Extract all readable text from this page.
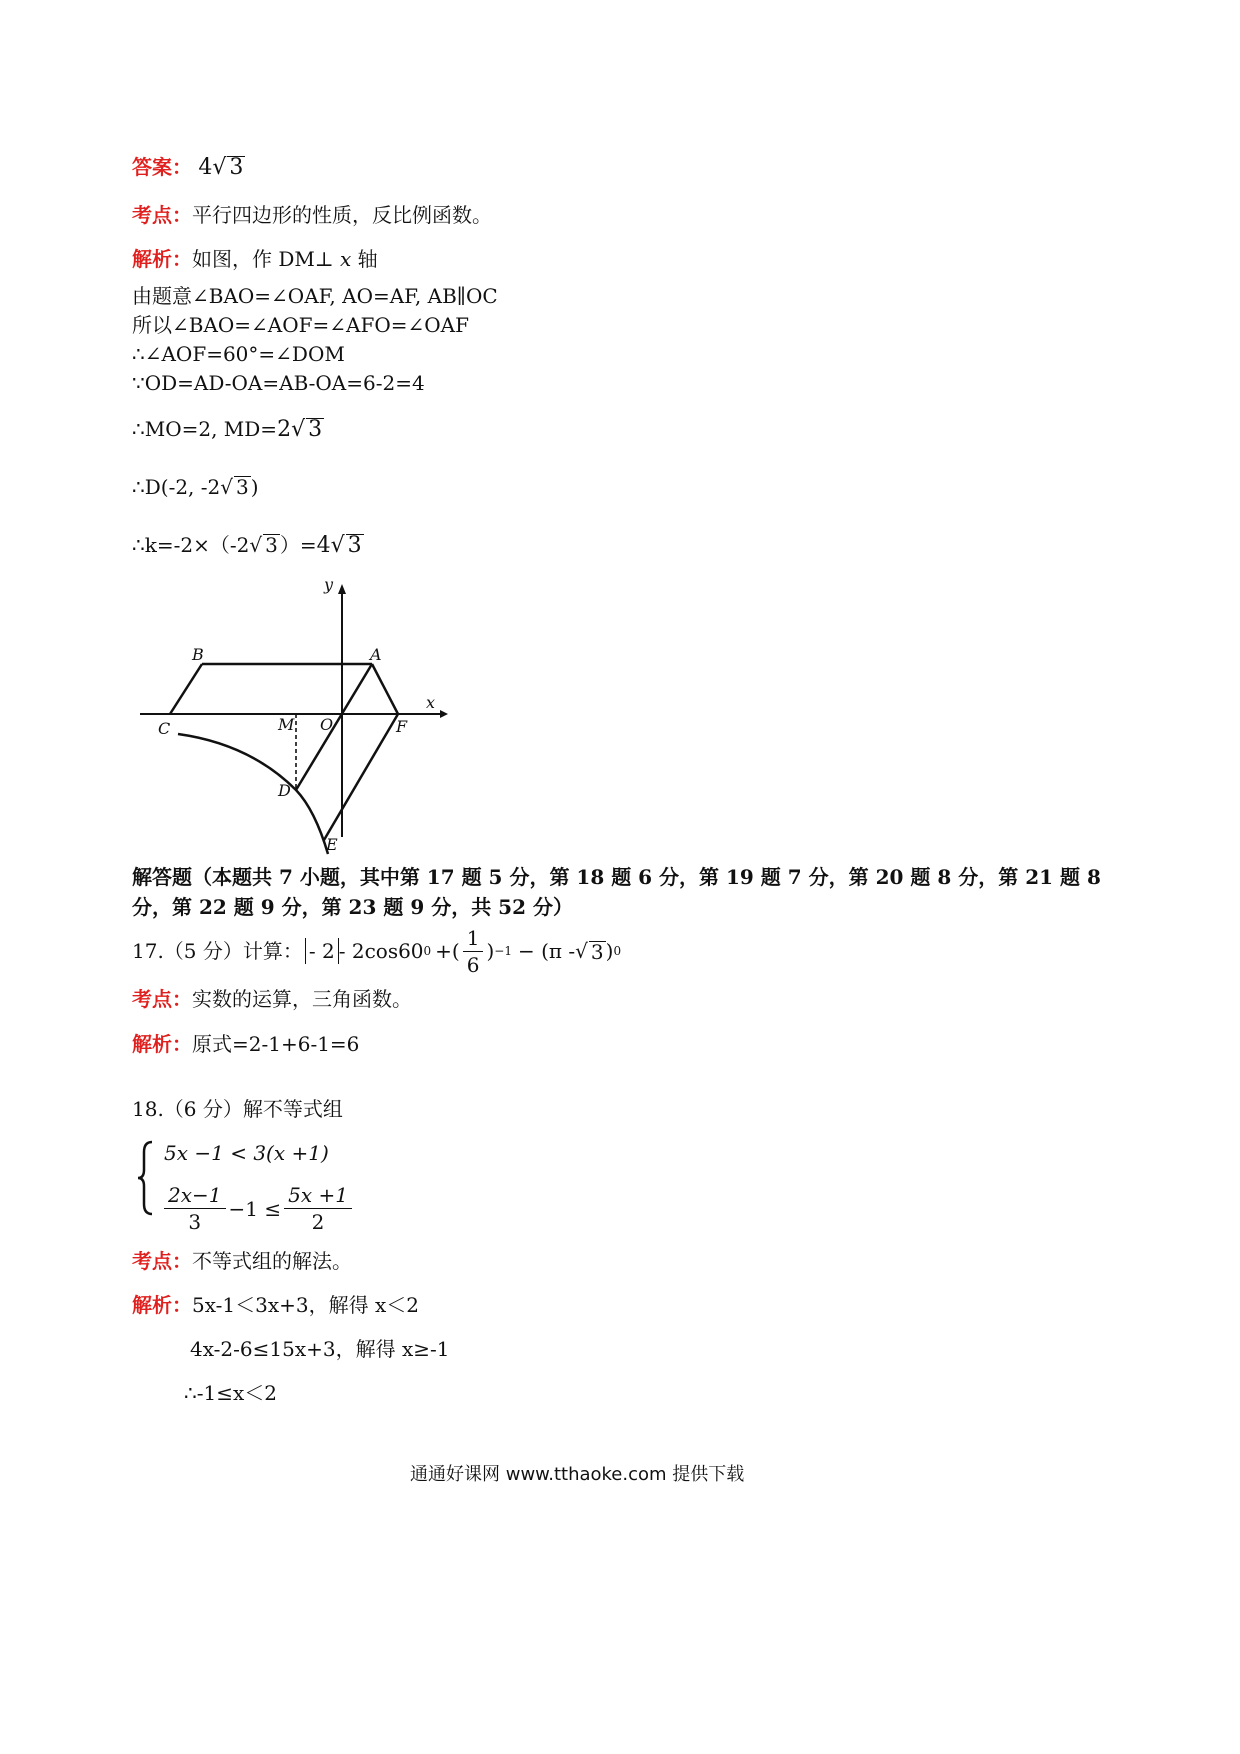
答案： 4√ 3
考点：平行四边形的性质，反比例函数。
解析：如图，作 DM⊥ x 轴
由题意∠BAO=∠OAF, AO=AF, AB∥OC
所以∠BAO=∠AOF=∠AFO=∠OAF
∴∠AOF=60°=∠DOM
∵OD=AD-OA=AB-OA=6-2=4
∴MO=2, MD=2√ 3
∴D(-2, -2√ 3 )
∴k=-2×（-2√ 3 ）=4√ 3
y
x
B	A
C	M O	F
D
E
解答题（本题共 7 小题，其中第 17 题 5 分，第 18 题 6 分，第 19 题 7 分，第 20 题 8 分，第 21 题 8
分，第 22 题 9 分，第 23 题 9 分，共 52 分）
17.（5 分）计算： - 2 - 2cos60 0 +( $\frac{1}{6}$ ) −1 − (π - √ 3 ) 0
考点：实数的运算，三角函数。
解析：原式=2-1+6-1=6
18.（6 分）解不等式组
5x −1 < 3(x +1)
$\frac{2x-1}{3} -1 \le \frac{5x +1}{2}$
考点：不等式组的解法。
解析：5x-1＜3x+3，解得 x＜2
4x-2-6≤15x+3，解得 x≥-1
∴-1≤x＜2
通通好课网 www.tthaoke.com 提供下载
